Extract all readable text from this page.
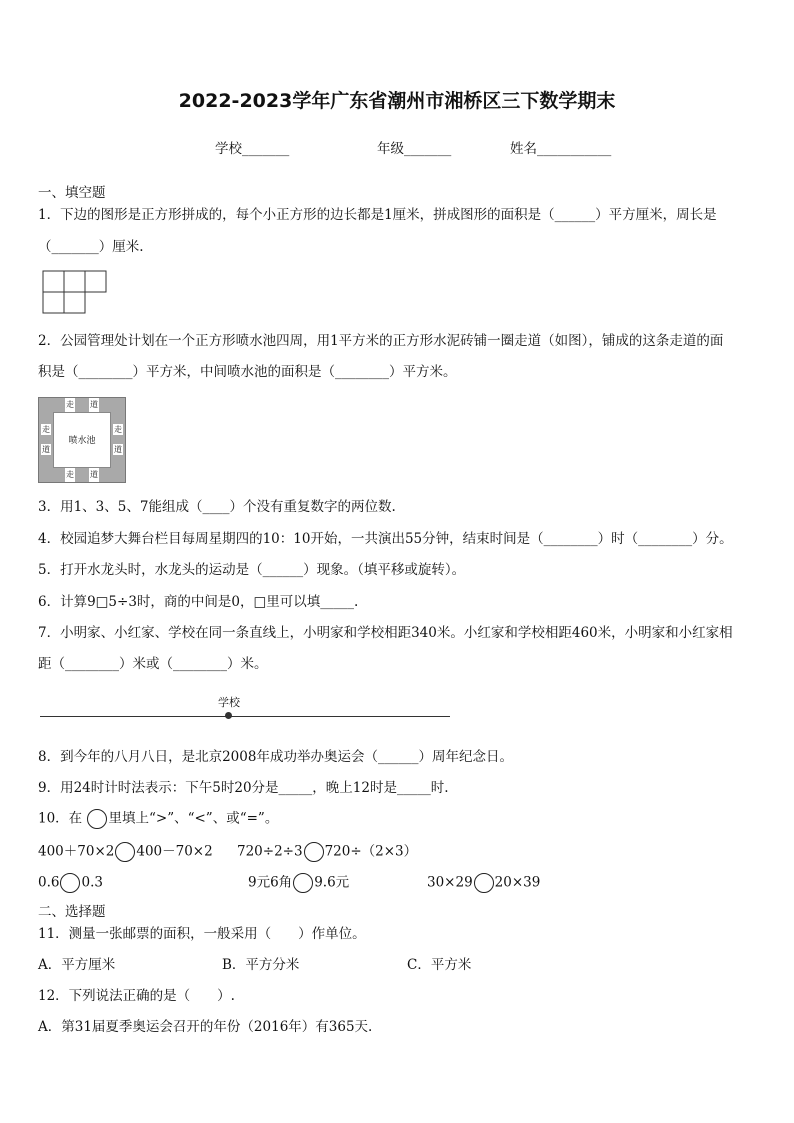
2022-2023学年广东省潮州市湘桥区三下数学期末
学校_______	年级_______	姓名___________
一、填空题
1．下边的图形是正方形拼成的，每个小正方形的边长都是1厘米，拼成图形的面积是（______）平方厘米，周长是
（_______）厘米.
2．公园管理处计划在一个正方形喷水池四周，用1平方米的正方形水泥砖铺一圈走道（如图），铺成的这条走道的面
积是（________）平方米，中间喷水池的面积是（________）平方米。
走 道
走 道
走
道
走
道
喷水池
3．用1、3、5、7能组成（____）个没有重复数字的两位数.
4．校园追梦大舞台栏目每周星期四的10：10开始，一共演出55分钟，结束时间是（________）时（________）分。
5．打开水龙头时，水龙头的运动是（______）现象。（填平移或旋转）。
6．计算9□5÷3时，商的中间是0，□里可以填_____.
7．小明家、小红家、学校在同一条直线上，小明家和学校相距340米。小红家和学校相距460米，小明家和小红家相
距（________）米或（________）米。
学校
8．到今年的八月八日，是北京2008年成功举办奥运会（______）周年纪念日。
9．用24时计时法表示：下午5时20分是_____，晚上12时是_____时.
10．在 里填上“>”、“<”、或“=”。
400＋70×2 400－70×2 720÷2÷3 720÷（2×3）
0.6 0.3	9元6角 9.6元	30×29 20×39
二、选择题
11．测量一张邮票的面积，一般采用（　　）作单位。
A．平方厘米	B．平方分米	C．平方米
12．下列说法正确的是（　　）.
A．第31届夏季奥运会召开的年份（2016年）有365天.
